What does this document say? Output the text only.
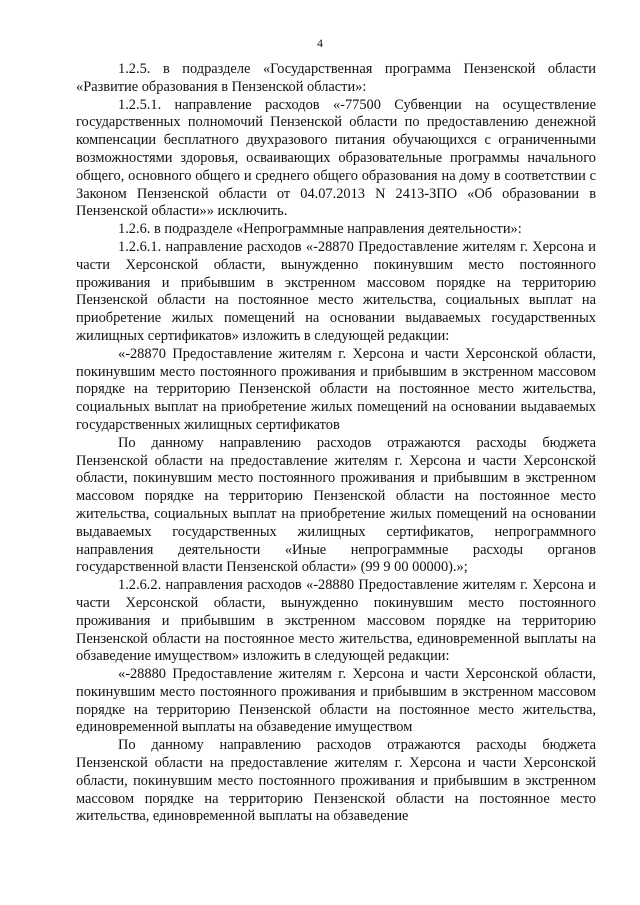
4

1.2.5. в подразделе «Государственная программа Пензенской области «Развитие образования в Пензенской области»:

1.2.5.1. направление расходов «-77500 Субвенции на осуществление государственных полномочий Пензенской области по предоставлению денежной компенсации бесплатного двухразового питания обучающихся с ограниченными возможностями здоровья, осваивающих образовательные программы начального общего, основного общего и среднего общего образования на дому в соответствии с Законом Пензенской области от 04.07.2013 N 2413-ЗПО «Об образовании в Пензенской области»» исключить.

1.2.6. в подразделе «Непрограммные направления деятельности»:

1.2.6.1. направление расходов «-28870 Предоставление жителям г. Херсона и части Херсонской области, вынужденно покинувшим место постоянного проживания и прибывшим в экстренном массовом порядке на территорию Пензенской области на постоянное место жительства, социальных выплат на приобретение жилых помещений на основании выдаваемых государственных жилищных сертификатов» изложить в следующей редакции:

«-28870 Предоставление жителям г. Херсона и части Херсонской области, покинувшим место постоянного проживания и прибывшим в экстренном массовом порядке на территорию Пензенской области на постоянное место жительства, социальных выплат на приобретение жилых помещений на основании выдаваемых государственных жилищных сертификатов

По данному направлению расходов отражаются расходы бюджета Пензенской области на предоставление жителям г. Херсона и части Херсонской области, покинувшим место постоянного проживания и прибывшим в экстренном массовом порядке на территорию Пензенской области на постоянное место жительства, социальных выплат на приобретение жилых помещений на основании выдаваемых государственных жилищных сертификатов, непрограммного направления деятельности «Иные непрограммные расходы органов государственной власти Пензенской области» (99 9 00 00000).»;

1.2.6.2. направления расходов «-28880 Предоставление жителям г. Херсона и части Херсонской области, вынужденно покинувшим место постоянного проживания и прибывшим в экстренном массовом порядке на территорию Пензенской области на постоянное место жительства, единовременной выплаты на обзаведение имуществом» изложить в следующей редакции:

«-28880 Предоставление жителям г. Херсона и части Херсонской области, покинувшим место постоянного проживания и прибывшим в экстренном массовом порядке на территорию Пензенской области на постоянное место жительства, единовременной выплаты на обзаведение имуществом

По данному направлению расходов отражаются расходы бюджета Пензенской области на предоставление жителям г. Херсона и части Херсонской области, покинувшим место постоянного проживания и прибывшим в экстренном массовом порядке на территорию Пензенской области на постоянное место жительства, единовременной выплаты на обзаведение
